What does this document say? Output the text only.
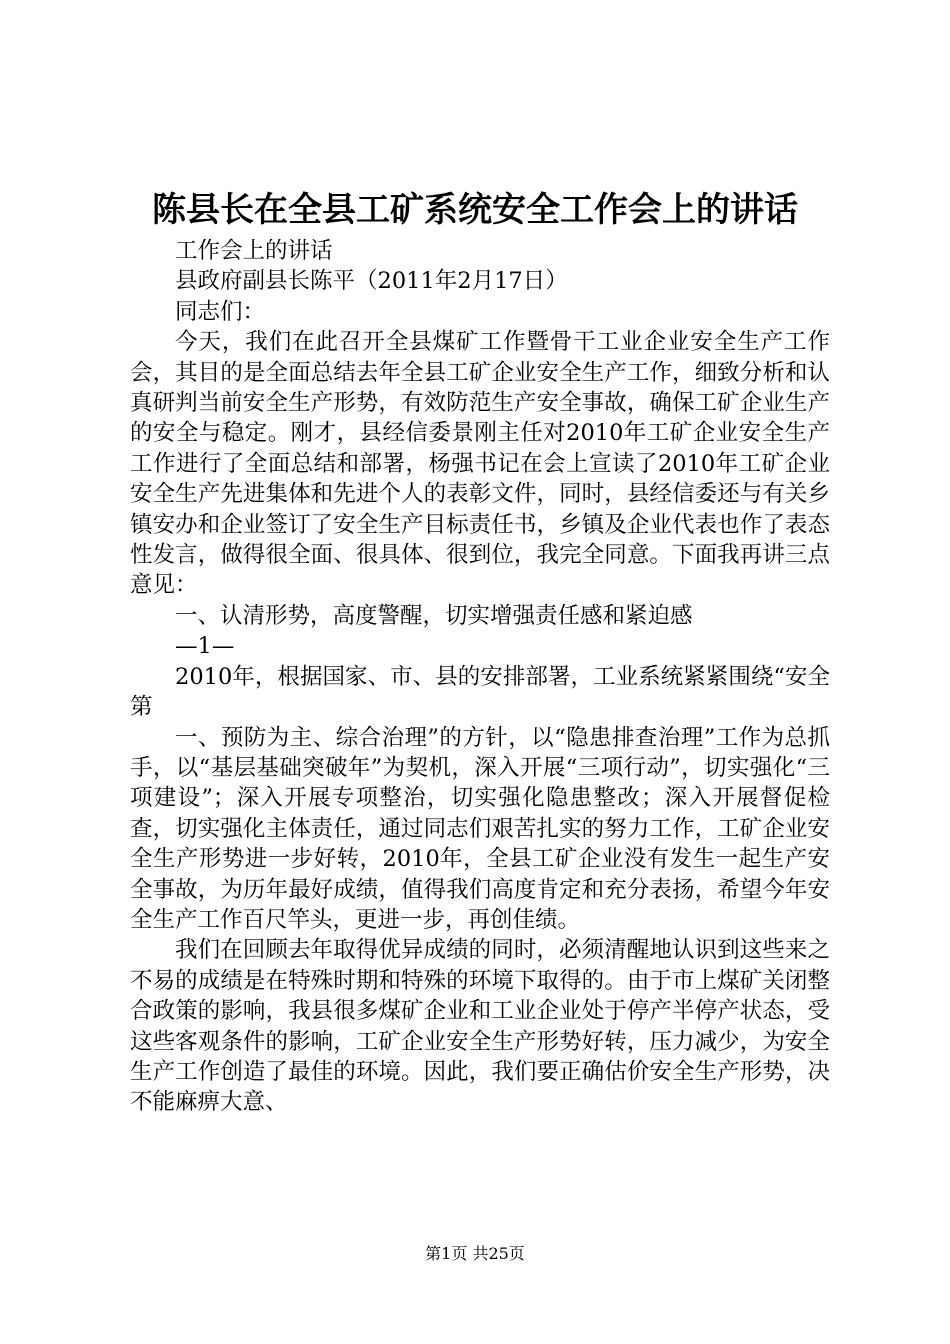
陈县长在全县工矿系统安全工作会上的讲话

工作会上的讲话

县政府副县长陈平（2011年2月17日）

同志们：

今天，我们在此召开全县煤矿工作暨骨干工业企业安全生产工作会，其目的是全面总结去年全县工矿企业安全生产工作，细致分析和认真研判当前安全生产形势，有效防范生产安全事故，确保工矿企业生产的安全与稳定。刚才，县经信委景刚主任对2010年工矿企业安全生产工作进行了全面总结和部署，杨强书记在会上宣读了2010年工矿企业安全生产先进集体和先进个人的表彰文件，同时，县经信委还与有关乡镇安办和企业签订了安全生产目标责任书，乡镇及企业代表也作了表态性发言，做得很全面、很具体、很到位，我完全同意。下面我再讲三点意见：

一、认清形势，高度警醒，切实增强责任感和紧迫感

—1—

2010年，根据国家、市、县的安排部署，工业系统紧紧围绕“安全第

一、预防为主、综合治理”的方针，以“隐患排查治理”工作为总抓手，以“基层基础突破年”为契机，深入开展“三项行动”，切实强化“三项建设”；深入开展专项整治，切实强化隐患整改；深入开展督促检查，切实强化主体责任，通过同志们艰苦扎实的努力工作，工矿企业安全生产形势进一步好转，2010年，全县工矿企业没有发生一起生产安全事故，为历年最好成绩，值得我们高度肯定和充分表扬，希望今年安全生产工作百尺竿头，更进一步，再创佳绩。

我们在回顾去年取得优异成绩的同时，必须清醒地认识到这些来之不易的成绩是在特殊时期和特殊的环境下取得的。由于市上煤矿关闭整合政策的影响，我县很多煤矿企业和工业企业处于停产半停产状态，受这些客观条件的影响，工矿企业安全生产形势好转，压力减少，为安全生产工作创造了最佳的环境。因此，我们要正确估价安全生产形势，决不能麻痹大意、

第1页 共25页
